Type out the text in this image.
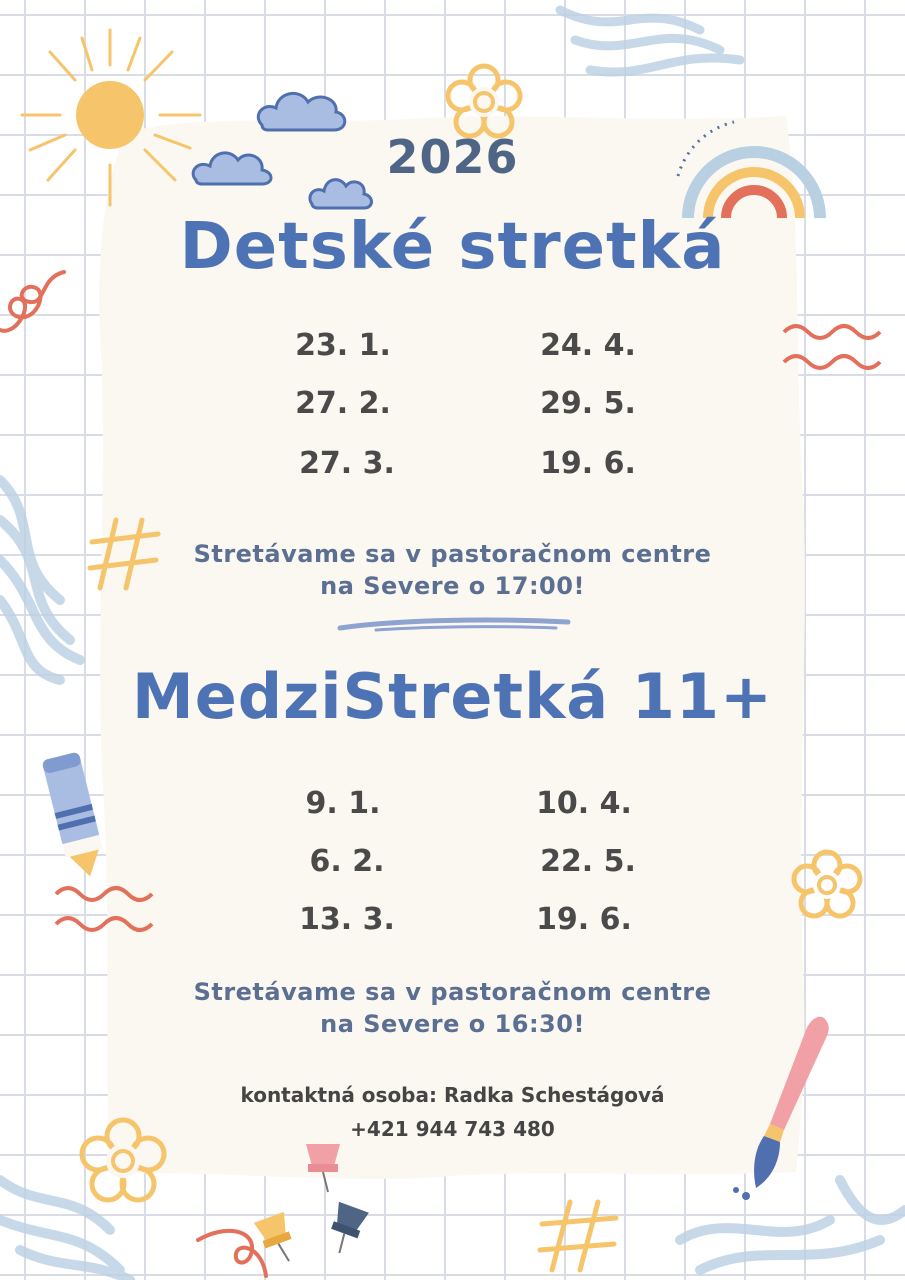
2026
Detské stretká
23. 1.
27. 2.
27. 3.
24. 4.
29. 5.
19. 6.
Stretávame sa v pastoračnom centre
na Severe o 17:00!
MedziStretká 11+
9. 1.
6. 2.
13. 3.
10. 4.
22. 5.
19. 6.
Stretávame sa v pastoračnom centre
na Severe o 16:30!
kontaktná osoba: Radka Schestágová
+421 944 743 480
